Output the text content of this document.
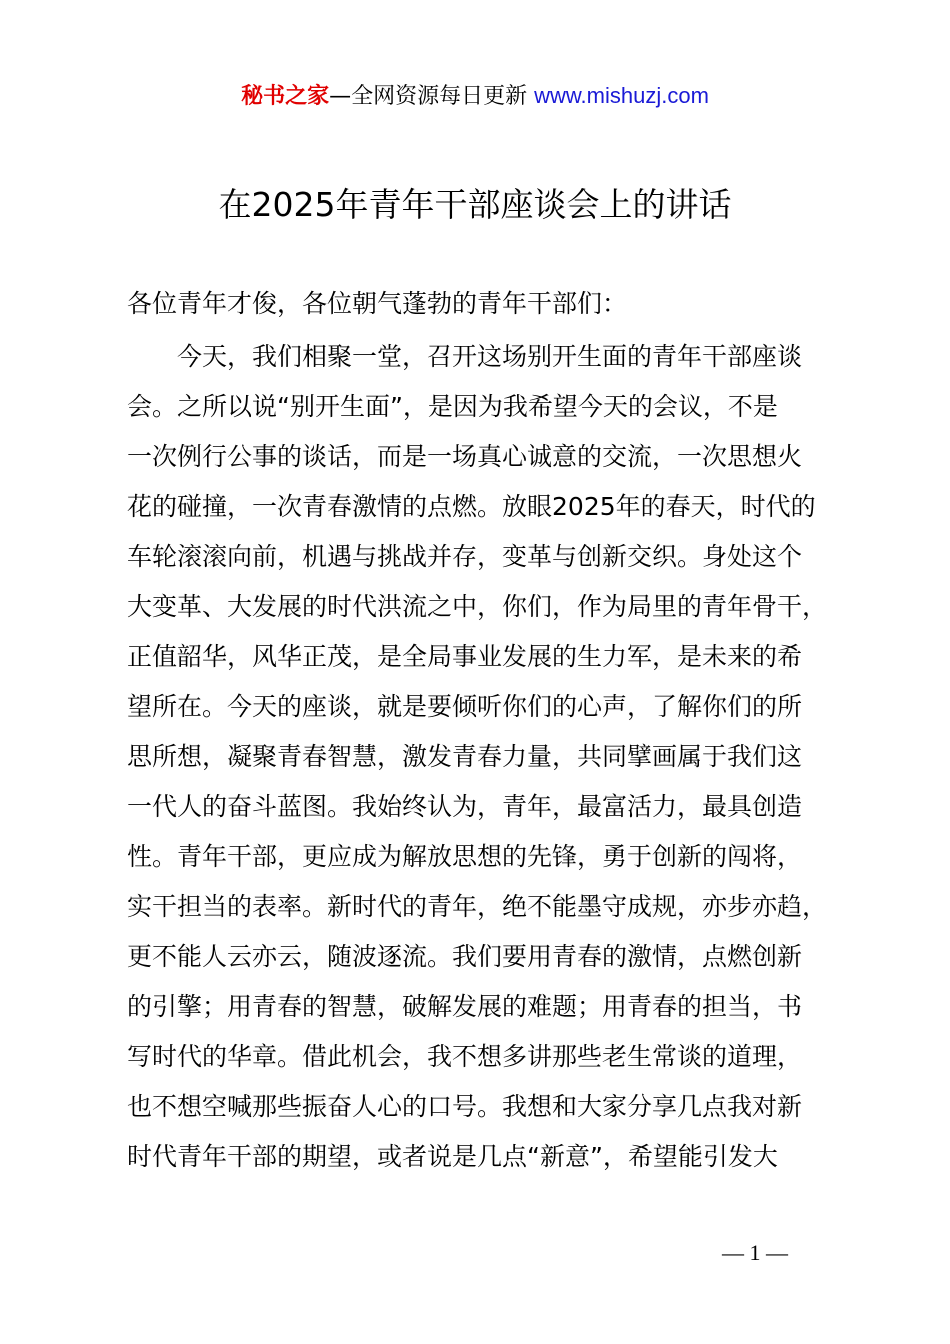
秘书之家—全网资源每日更新 www.mishuzj.com
在2025年青年干部座谈会上的讲话
各位青年才俊，各位朝气蓬勃的青年干部们：
今天，我们相聚一堂，召开这场别开生面的青年干部座谈
会。之所以说“别开生面”，是因为我希望今天的会议，不是
一次例行公事的谈话，而是一场真心诚意的交流，一次思想火
花的碰撞，一次青春激情的点燃。放眼2025年的春天，时代的
车轮滚滚向前，机遇与挑战并存，变革与创新交织。身处这个
大变革、大发展的时代洪流之中，你们，作为局里的青年骨干，
正值韶华，风华正茂，是全局事业发展的生力军，是未来的希
望所在。今天的座谈，就是要倾听你们的心声，了解你们的所
思所想，凝聚青春智慧，激发青春力量，共同擘画属于我们这
一代人的奋斗蓝图。我始终认为，青年，最富活力，最具创造
性。青年干部，更应成为解放思想的先锋，勇于创新的闯将，
实干担当的表率。新时代的青年，绝不能墨守成规，亦步亦趋，
更不能人云亦云，随波逐流。我们要用青春的激情，点燃创新
的引擎；用青春的智慧，破解发展的难题；用青春的担当，书
写时代的华章。借此机会，我不想多讲那些老生常谈的道理，
也不想空喊那些振奋人心的口号。我想和大家分享几点我对新
时代青年干部的期望，或者说是几点“新意”，希望能引发大
— 1 —
